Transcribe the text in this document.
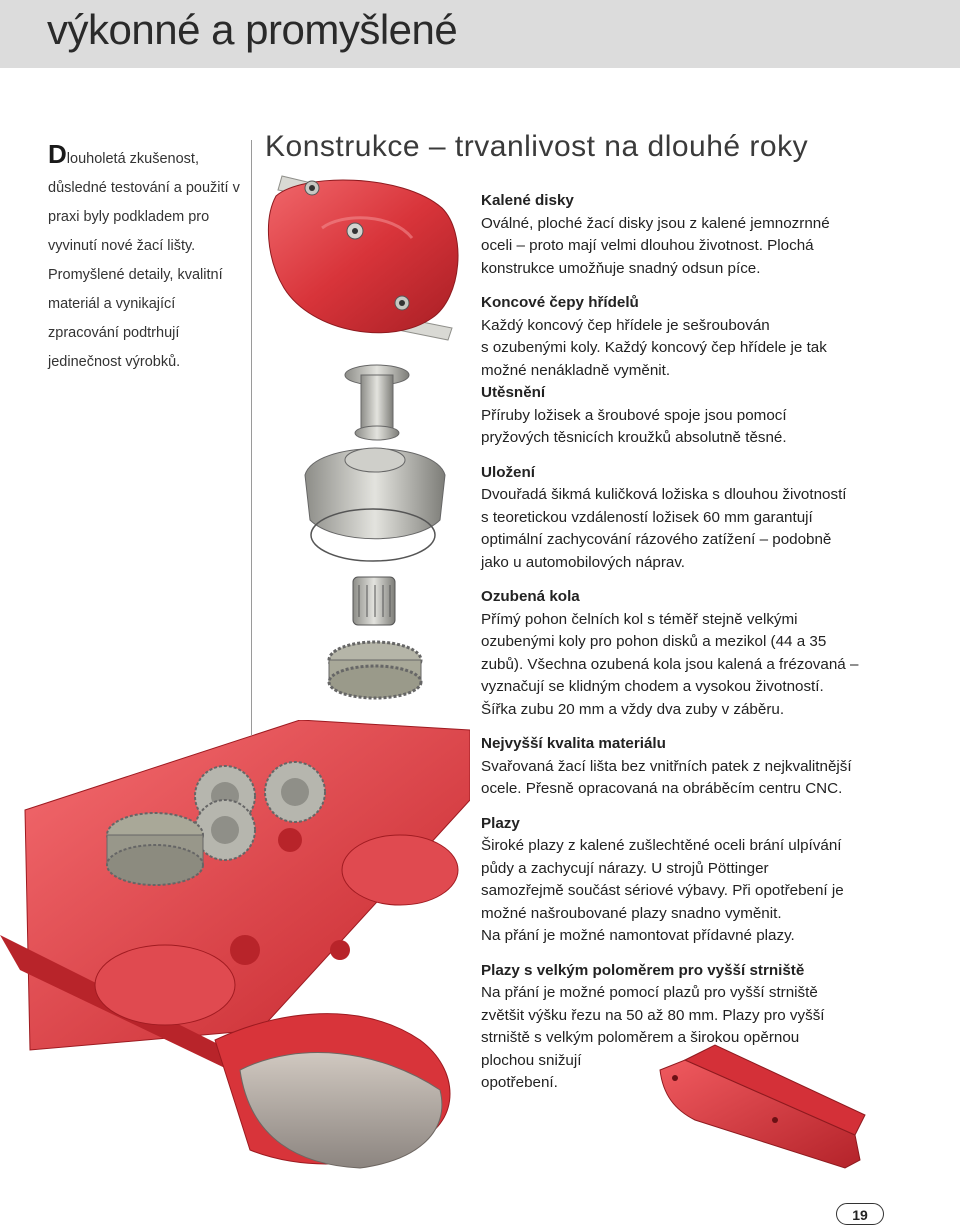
výkonné a promyšlené
Dlouholetá zkušenost, důsledné testování a použití v praxi byly podkladem pro vyvinutí nové žací lišty. Promyšlené detaily, kvalitní materiál a vynikající zpracování podtrhují jedinečnost výrobků.
Konstrukce – trvanlivost na dlouhé roky
Kalené disky

Oválné, ploché žací disky jsou z kalené jemnozrnné
oceli – proto mají velmi dlouhou životnost. Plochá
konstrukce umožňuje snadný odsun píce.

Koncové čepy hřídelů

Každý koncový čep hřídele je sešroubován
s ozubenými koly. Každý koncový čep hřídele je tak
možné nenákladně vyměnit.

Utěsnění

Příruby ložisek a šroubové spoje jsou pomocí
pryžových těsnicích kroužků absolutně těsné.

Uložení

Dvouřadá šikmá kuličková ložiska s dlouhou životností
s teoretickou vzdáleností ložisek 60 mm garantují
optimální zachycování rázového zatížení – podobně
jako u automobilových náprav.

Ozubená kola

Přímý pohon čelních kol s téměř stejně velkými
ozubenými koly pro pohon disků a mezikol (44 a 35
zubů). Všechna ozubená kola jsou kalená a frézovaná –
vyznačují se klidným chodem a vysokou životností.
Šířka zubu 20 mm a vždy dva zuby v záběru.

Nejvyšší kvalita materiálu

Svařovaná žací lišta bez vnitřních patek z nejkvalitnější
ocele. Přesně opracovaná na obráběcím centru CNC.

Plazy

Široké plazy z kalené zušlechtěné oceli brání ulpívání
půdy a zachycují nárazy. U strojů Pöttinger
samozřejmě součást sériové výbavy. Při opotřebení je
možné našroubované plazy snadno vyměnit.
Na přání je možné namontovat přídavné plazy.

Plazy s velkým poloměrem pro vyšší strniště

Na přání je možné pomocí plazů pro vyšší strniště
zvětšit výšku řezu na 50 až 80 mm. Plazy pro vyšší
strniště s velkým poloměrem a širokou opěrnou
plochou snižují
opotřebení.

19
